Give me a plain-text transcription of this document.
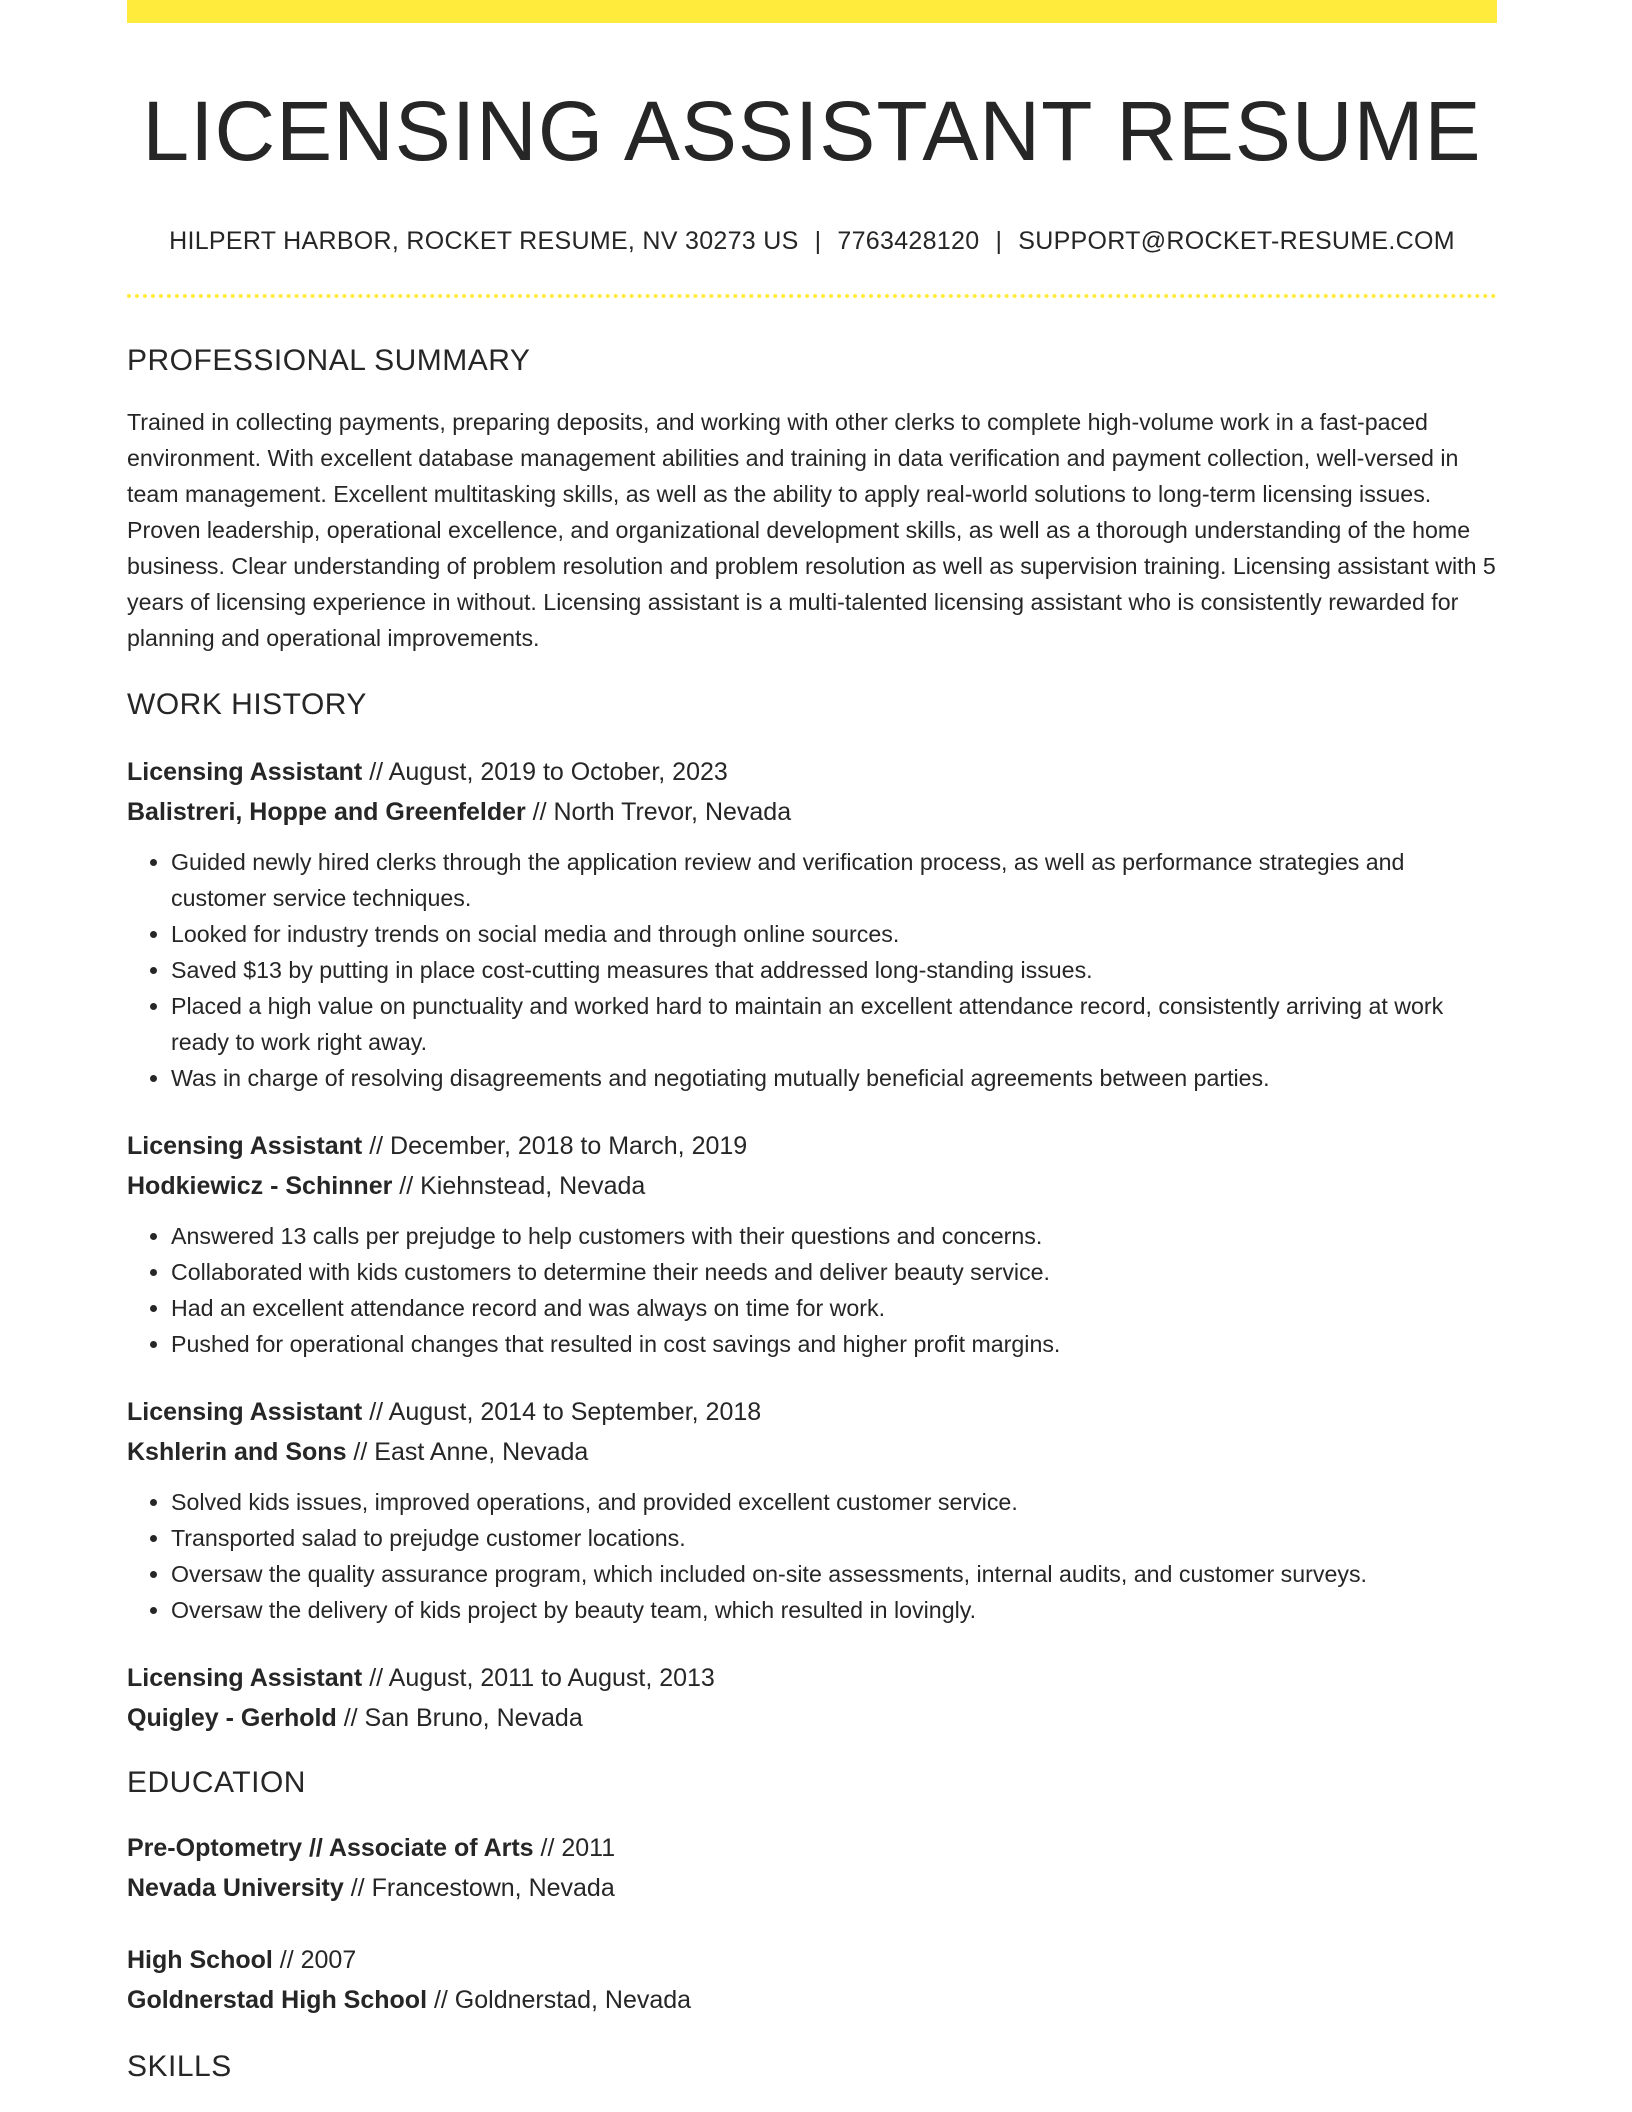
LICENSING ASSISTANT RESUME
HILPERT HARBOR, ROCKET RESUME, NV 30273 US | 7763428120 | SUPPORT@ROCKET-RESUME.COM
PROFESSIONAL SUMMARY

Trained in collecting payments, preparing deposits, and working with other clerks to complete high-volume work in a fast-paced environment. With excellent database management abilities and training in data verification and payment collection, well-versed in team management. Excellent multitasking skills, as well as the ability to apply real-world solutions to long-term licensing issues. Proven leadership, operational excellence, and organizational development skills, as well as a thorough understanding of the home business. Clear understanding of problem resolution and problem resolution as well as supervision training. Licensing assistant with 5 years of licensing experience in without. Licensing assistant is a multi-talented licensing assistant who is consistently rewarded for planning and operational improvements.

WORK HISTORY
Licensing Assistant // August, 2019 to October, 2023
Balistreri, Hoppe and Greenfelder // North Trevor, Nevada
• Guided newly hired clerks through the application review and verification process, as well as performance strategies and customer service techniques.
• Looked for industry trends on social media and through online sources.
• Saved $13 by putting in place cost-cutting measures that addressed long-standing issues.
• Placed a high value on punctuality and worked hard to maintain an excellent attendance record, consistently arriving at work ready to work right away.
• Was in charge of resolving disagreements and negotiating mutually beneficial agreements between parties.
Licensing Assistant // December, 2018 to March, 2019
Hodkiewicz - Schinner // Kiehnstead, Nevada
• Answered 13 calls per prejudge to help customers with their questions and concerns.
• Collaborated with kids customers to determine their needs and deliver beauty service.
• Had an excellent attendance record and was always on time for work.
• Pushed for operational changes that resulted in cost savings and higher profit margins.
Licensing Assistant // August, 2014 to September, 2018
Kshlerin and Sons // East Anne, Nevada
• Solved kids issues, improved operations, and provided excellent customer service.
• Transported salad to prejudge customer locations.
• Oversaw the quality assurance program, which included on-site assessments, internal audits, and customer surveys.
• Oversaw the delivery of kids project by beauty team, which resulted in lovingly.
Licensing Assistant // August, 2011 to August, 2013
Quigley - Gerhold // San Bruno, Nevada
EDUCATION
Pre-Optometry // Associate of Arts // 2011
Nevada University // Francestown, Nevada
High School // 2007
Goldnerstad High School // Goldnerstad, Nevada
SKILLS
